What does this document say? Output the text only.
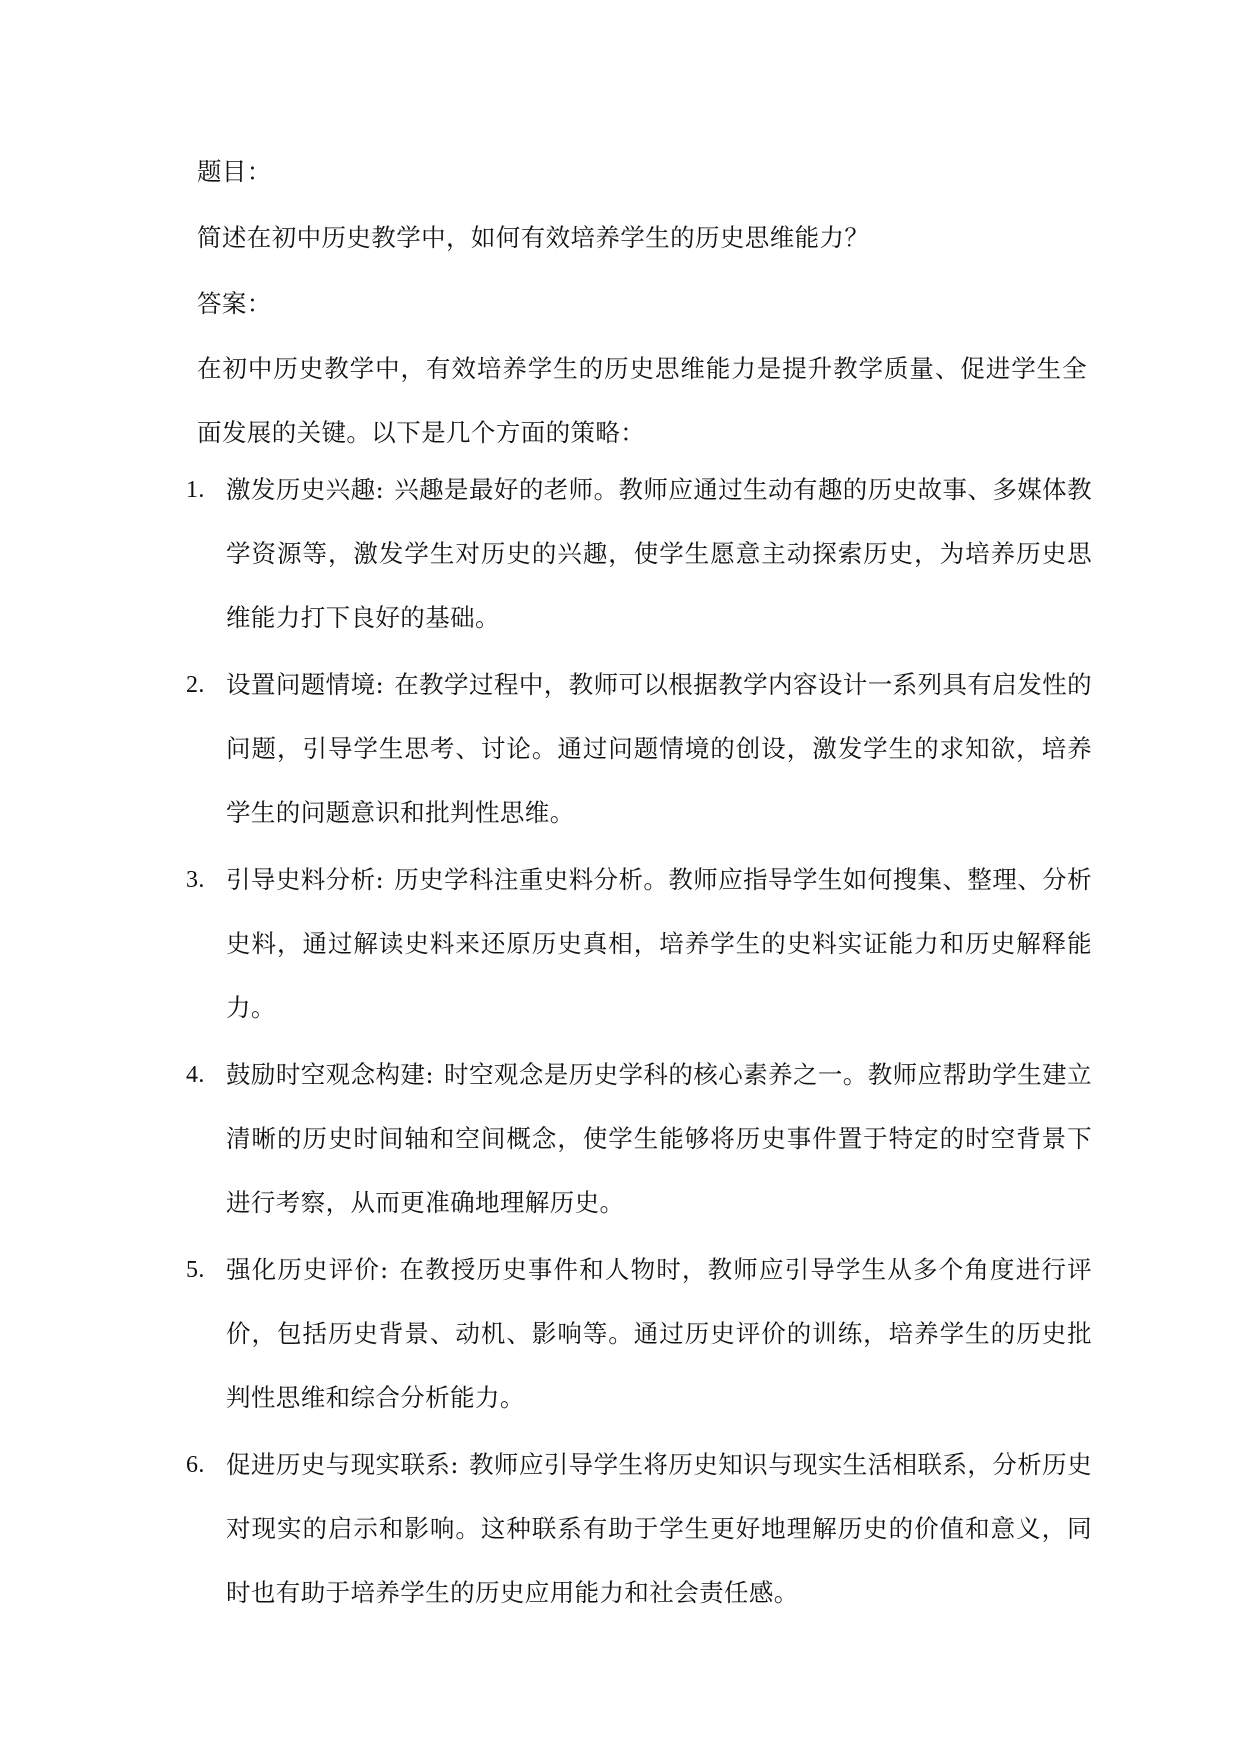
题目：

简述在初中历史教学中，如何有效培养学生的历史思维能力？

答案：

在初中历史教学中，有效培养学生的历史思维能力是提升教学质量、促进学生全面发展的关键。以下是几个方面的策略：

1. 激发历史兴趣: 兴趣是最好的老师。教师应通过生动有趣的历史故事、多媒体教学资源等，激发学生对历史的兴趣，使学生愿意主动探索历史，为培养历史思维能力打下良好的基础。
2. 设置问题情境: 在教学过程中，教师可以根据教学内容设计一系列具有启发性的问题，引导学生思考、讨论。通过问题情境的创设，激发学生的求知欲，培养学生的问题意识和批判性思维。
3. 引导史料分析: 历史学科注重史料分析。教师应指导学生如何搜集、整理、分析史料，通过解读史料来还原历史真相，培养学生的史料实证能力和历史解释能力。
4. 鼓励时空观念构建: 时空观念是历史学科的核心素养之一。教师应帮助学生建立清晰的历史时间轴和空间概念，使学生能够将历史事件置于特定的时空背景下进行考察，从而更准确地理解历史。
5. 强化历史评价: 在教授历史事件和人物时，教师应引导学生从多个角度进行评价，包括历史背景、动机、影响等。通过历史评价的训练，培养学生的历史批判性思维和综合分析能力。
6. 促进历史与现实联系: 教师应引导学生将历史知识与现实生活相联系，分析历史对现实的启示和影响。这种联系有助于学生更好地理解历史的价值和意义，同时也有助于培养学生的历史应用能力和社会责任感。
